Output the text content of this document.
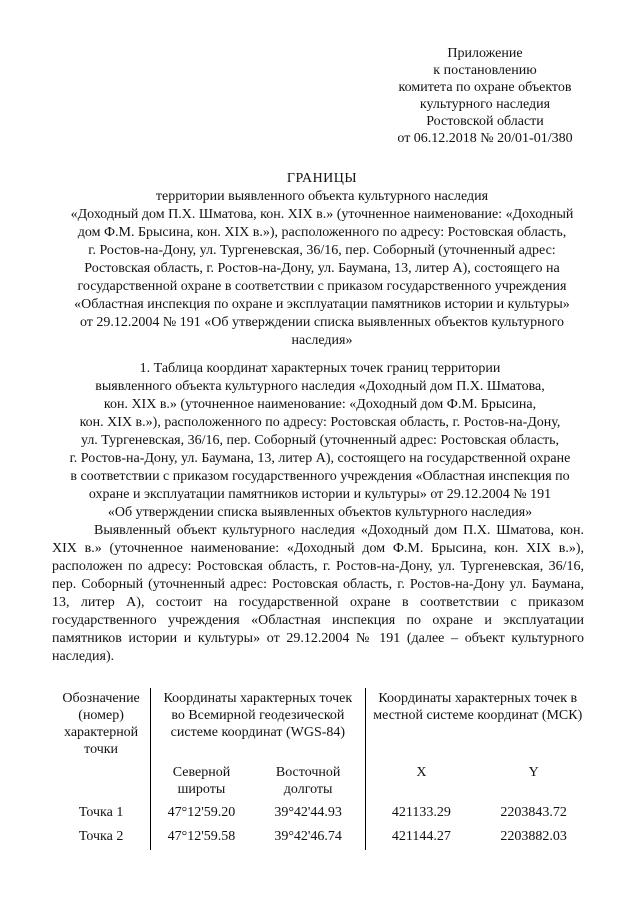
Приложение
к постановлению
комитета по охране объектов
культурного наследия
Ростовской области
от 06.12.2018 № 20/01-01/380
ГРАНИЦЫ
территории выявленного объекта культурного наследия
«Доходный дом П.Х. Шматова, кон. XIX в.» (уточненное наименование: «Доходный
дом Ф.М. Брысина, кон. XIX в.»), расположенного по адресу: Ростовская область,
г. Ростов-на-Дону, ул. Тургеневская, 36/16, пер. Соборный (уточненный адрес:
Ростовская область, г. Ростов-на-Дону, ул. Баумана, 13, литер А), состоящего на
государственной охране в соответствии с приказом государственного учреждения
«Областная инспекция по охране и эксплуатации памятников истории и культуры»
от 29.12.2004 № 191 «Об утверждении списка выявленных объектов культурного
наследия»
1. Таблица координат характерных точек границ территории
выявленного объекта культурного наследия «Доходный дом П.Х. Шматова,
кон. XIX в.» (уточненное наименование: «Доходный дом Ф.М. Брысина,
кон. XIX в.»), расположенного по адресу: Ростовская область, г. Ростов-на-Дону,
ул. Тургеневская, 36/16, пер. Соборный (уточненный адрес: Ростовская область,
г. Ростов-на-Дону, ул. Баумана, 13, литер А), состоящего на государственной охране
в соответствии с приказом государственного учреждения «Областная инспекция по
охране и эксплуатации памятников истории и культуры» от 29.12.2004 № 191
«Об утверждении списка выявленных объектов культурного наследия»
Выявленный объект культурного наследия «Доходный дом П.Х. Шматова, кон. XIX в.» (уточненное наименование: «Доходный дом Ф.М. Брысина, кон. XIX в.»), расположен по адресу: Ростовская область, г. Ростов-на-Дону, ул. Тургеневская, 36/16, пер. Соборный (уточненный адрес: Ростовская область, г. Ростов-на-Дону ул. Баумана, 13, литер А), состоит на государственной охране в соответствии с приказом государственного учреждения «Областная инспекция по охране и эксплуатации памятников истории и культуры» от 29.12.2004 № 191 (далее – объект культурного наследия).
Обозначение (номер) характерной точки	Координаты характерных точек во Всемирной геодезической системе координат (WGS-84)		Координаты характерных точек в местной системе координат (МСК)	
	Северной широты	Восточной долготы	X	Y
Точка 1	47°12'59.20	39°42'44.93	421133.29	2203843.72
Точка 2	47°12'59.58	39°42'46.74	421144.27	2203882.03
